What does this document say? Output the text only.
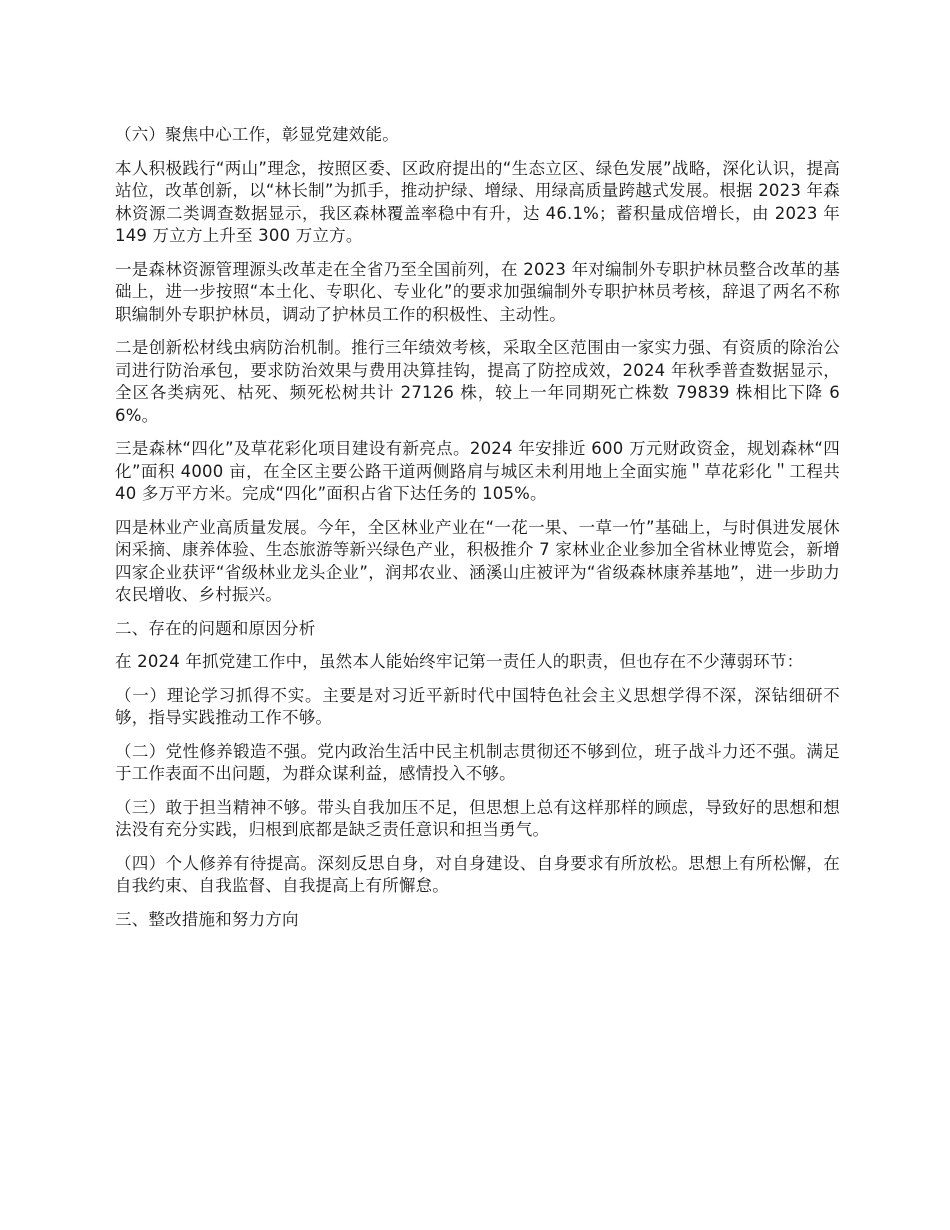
（六）聚焦中心工作，彰显党建效能。

本人积极践行“两山”理念，按照区委、区政府提出的“生态立区、绿色发展”战略，深化认识，提高站位，改革创新，以“林长制”为抓手，推动护绿、增绿、用绿高质量跨越式发展。根据 2023 年森林资源二类调查数据显示，我区森林覆盖率稳中有升，达 46.1%；蓄积量成倍增长，由 2023 年 149 万立方上升至 300 万立方。

一是森林资源管理源头改革走在全省乃至全国前列，在 2023 年对编制外专职护林员整合改革的基础上，进一步按照“本土化、专职化、专业化”的要求加强编制外专职护林员考核，辞退了两名不称职编制外专职护林员，调动了护林员工作的积极性、主动性。

二是创新松材线虫病防治机制。推行三年绩效考核，采取全区范围由一家实力强、有资质的除治公司进行防治承包，要求防治效果与费用决算挂钩，提高了防控成效，2024 年秋季普查数据显示，全区各类病死、枯死、频死松树共计 27126 株，较上一年同期死亡株数 79839 株相比下降 66%。

三是森林“四化”及草花彩化项目建设有新亮点。2024 年安排近 600 万元财政资金，规划森林“四化”面积 4000 亩，在全区主要公路干道两侧路肩与城区未利用地上全面实施＂草花彩化＂工程共 40 多万平方米。完成“四化”面积占省下达任务的 105%。

四是林业产业高质量发展。今年，全区林业产业在“一花一果、一草一竹”基础上，与时俱进发展休闲采摘、康养体验、生态旅游等新兴绿色产业，积极推介 7 家林业企业参加全省林业博览会，新增四家企业获评“省级林业龙头企业”，润邦农业、涵溪山庄被评为“省级森林康养基地”，进一步助力农民增收、乡村振兴。

二、存在的问题和原因分析

在 2024 年抓党建工作中，虽然本人能始终牢记第一责任人的职责，但也存在不少薄弱环节：

（一）理论学习抓得不实。主要是对习近平新时代中国特色社会主义思想学得不深，深钻细研不够，指导实践推动工作不够。

（二）党性修养锻造不强。党内政治生活中民主机制志贯彻还不够到位，班子战斗力还不强。满足于工作表面不出问题，为群众谋利益，感情投入不够。

（三）敢于担当精神不够。带头自我加压不足，但思想上总有这样那样的顾虑，导致好的思想和想法没有充分实践，归根到底都是缺乏责任意识和担当勇气。

（四）个人修养有待提高。深刻反思自身，对自身建设、自身要求有所放松。思想上有所松懈，在自我约束、自我监督、自我提高上有所懈怠。

三、整改措施和努力方向
